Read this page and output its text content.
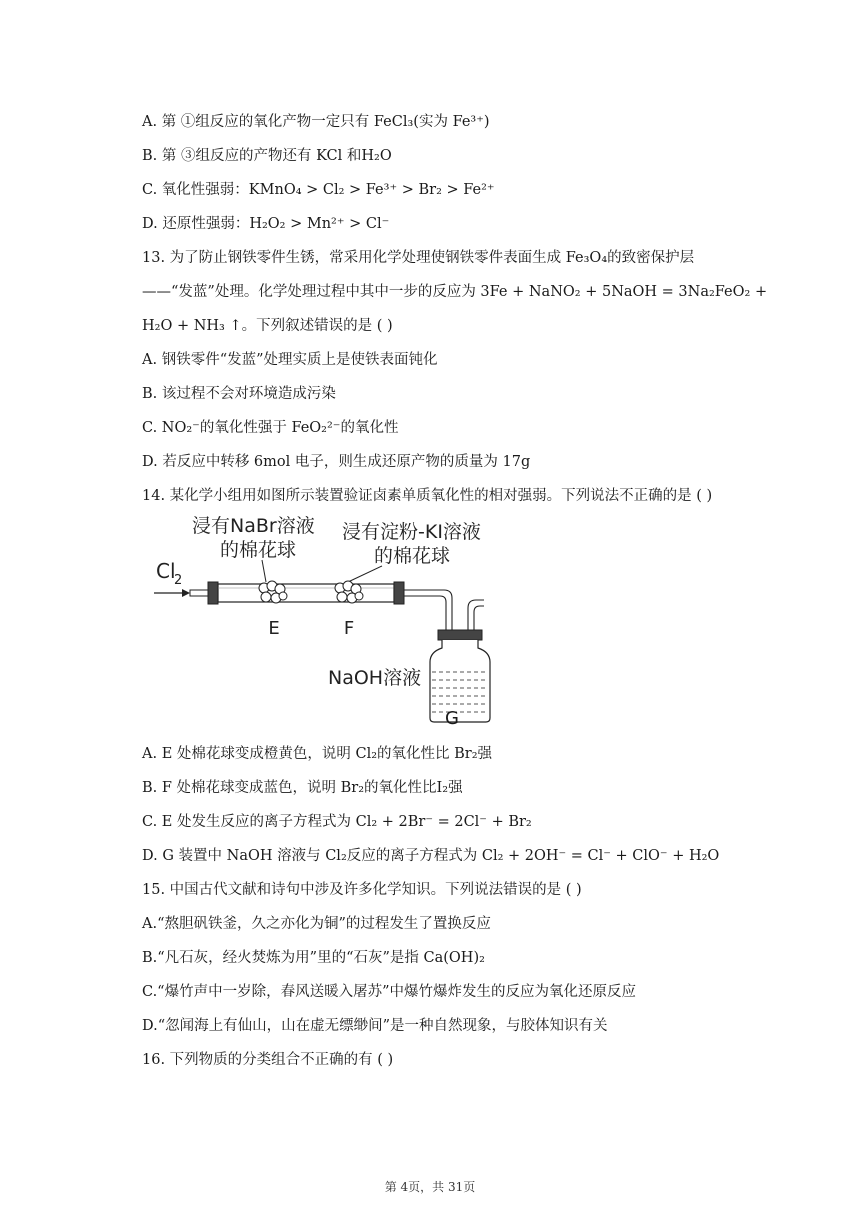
A. 第 ①组反应的氧化产物一定只有 FeCl₃(实为 Fe³⁺)
B. 第 ③组反应的产物还有 KCl 和H₂O
C. 氧化性强弱：KMnO₄ > Cl₂ > Fe³⁺ > Br₂ > Fe²⁺
D. 还原性强弱：H₂O₂ > Mn²⁺ > Cl⁻
13. 为了防止钢铁零件生锈，常采用化学处理使钢铁零件表面生成 Fe₃O₄的致密保护层
——“发蓝”处理。化学处理过程中其中一步的反应为 3Fe + NaNO₂ + 5NaOH = 3Na₂FeO₂ +
H₂O + NH₃ ↑。下列叙述错误的是 ( )
A. 钢铁零件“发蓝”处理实质上是使铁表面钝化
B. 该过程不会对环境造成污染
C. NO₂⁻的氧化性强于 FeO₂²⁻的氧化性
D. 若反应中转移 6mol 电子，则生成还原产物的质量为 17g
14. 某化学小组用如图所示装置验证卤素单质氧化性的相对强弱。下列说法不正确的是 ( )
A. E 处棉花球变成橙黄色，说明 Cl₂的氧化性比 Br₂强
B. F 处棉花球变成蓝色，说明 Br₂的氧化性比I₂强
C. E 处发生反应的离子方程式为 Cl₂ + 2Br⁻ = 2Cl⁻ + Br₂
D. G 装置中 NaOH 溶液与 Cl₂反应的离子方程式为 Cl₂ + 2OH⁻ = Cl⁻ + ClO⁻ + H₂O
15. 中国古代文献和诗句中涉及许多化学知识。下列说法错误的是 ( )
A.“熬胆矾铁釜，久之亦化为铜”的过程发生了置换反应
B.“凡石灰，经火焚炼为用”里的“石灰”是指 Ca(OH)₂
C.“爆竹声中一岁除，春风送暖入屠苏”中爆竹爆炸发生的反应为氧化还原反应
D.“忽闻海上有仙山，山在虚无缥缈间”是一种自然现象，与胶体知识有关
16. 下列物质的分类组合不正确的有 ( )
浸有NaBr溶液
的棉花球
浸有淀粉-KI溶液
的棉花球
Cl
2
E	F
NaOH溶液
G
第 4页，共 31页
